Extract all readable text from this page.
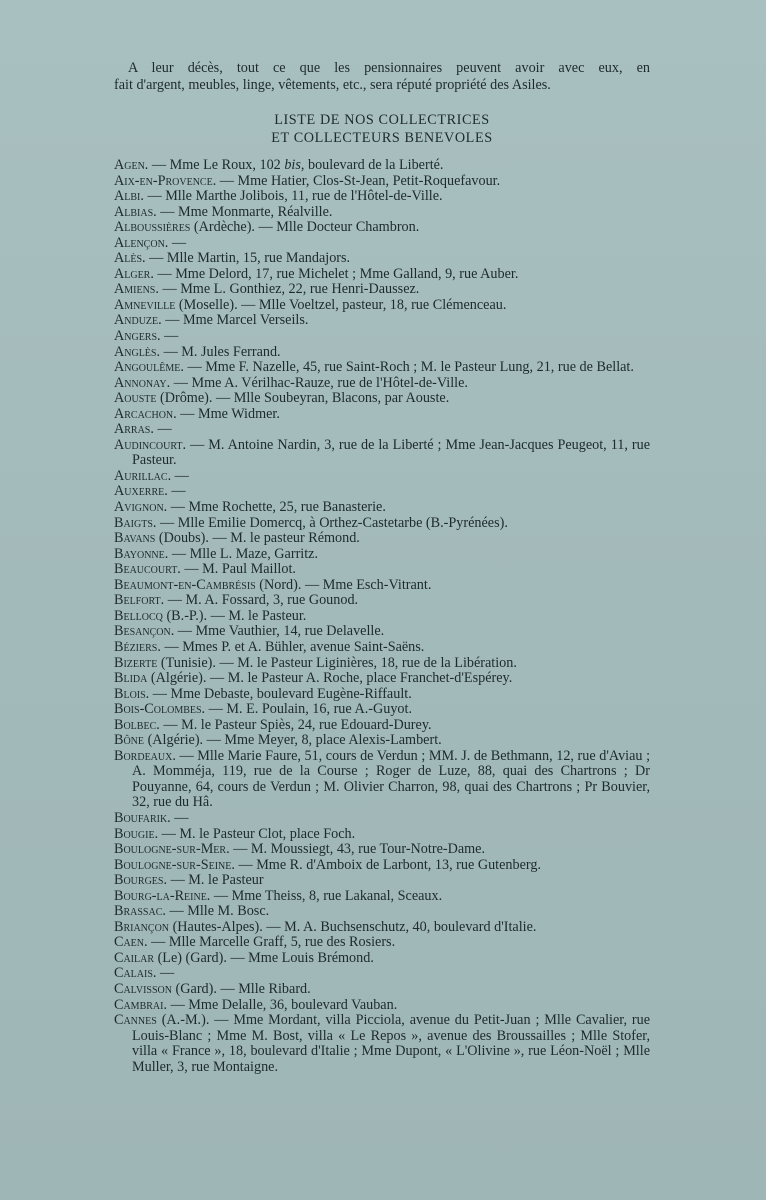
A leur décès, tout ce que les pensionnaires peuvent avoir avec eux, en
fait d'argent, meubles, linge, vêtements, etc., sera réputé propriété des Asiles.

LISTE DE NOS COLLECTRICES

ET COLLECTEURS BENEVOLES

Agen. — Mme Le Roux, 102 bis, boulevard de la Liberté.

Aix-en-Provence. — Mme Hatier, Clos-St-Jean, Petit-Roquefavour.

Albi. — Mlle Marthe Jolibois, 11, rue de l'Hôtel-de-Ville.

Albias. — Mme Monmarte, Réalville.

Alboussières (Ardèche). — Mlle Docteur Chambron.

Alençon. —

Alès. — Mlle Martin, 15, rue Mandajors.

Alger. — Mme Delord, 17, rue Michelet ; Mme Galland, 9, rue Auber.

Amiens. — Mme L. Gonthiez, 22, rue Henri-Daussez.

Amneville (Moselle). — Mlle Voeltzel, pasteur, 18, rue Clémenceau.

Anduze. — Mme Marcel Verseils.

Angers. —

Anglès. — M. Jules Ferrand.

Angoulême. — Mme F. Nazelle, 45, rue Saint-Roch ; M. le Pasteur Lung, 21, rue de Bellat.

Annonay. — Mme A. Vérilhac-Rauze, rue de l'Hôtel-de-Ville.

Aouste (Drôme). — Mlle Soubeyran, Blacons, par Aouste.

Arcachon. — Mme Widmer.

Arras. —

Audincourt. — M. Antoine Nardin, 3, rue de la Liberté ; Mme Jean-Jacques Peugeot, 11, rue Pasteur.

Aurillac. —

Auxerre. —

Avignon. — Mme Rochette, 25, rue Banasterie.

Baigts. — Mlle Emilie Domercq, à Orthez-Castetarbe (B.-Pyrénées).

Bavans (Doubs). — M. le pasteur Rémond.

Bayonne. — Mlle L. Maze, Garritz.

Beaucourt. — M. Paul Maillot.

Beaumont-en-Cambrésis (Nord). — Mme Esch-Vitrant.

Belfort. — M. A. Fossard, 3, rue Gounod.

Bellocq (B.-P.). — M. le Pasteur.

Besançon. — Mme Vauthier, 14, rue Delavelle.

Béziers. — Mmes P. et A. Bühler, avenue Saint-Saëns.

Bizerte (Tunisie). — M. le Pasteur Liginières, 18, rue de la Libération.

Blida (Algérie). — M. le Pasteur A. Roche, place Franchet-d'Espérey.

Blois. — Mme Debaste, boulevard Eugène-Riffault.

Bois-Colombes. — M. E. Poulain, 16, rue A.-Guyot.

Bolbec. — M. le Pasteur Spiès, 24, rue Edouard-Durey.

Bône (Algérie). — Mme Meyer, 8, place Alexis-Lambert.

Bordeaux. — Mlle Marie Faure, 51, cours de Verdun ; MM. J. de Bethmann, 12, rue d'Aviau ; A. Momméja, 119, rue de la Course ; Roger de Luze, 88, quai des Chartrons ; Dr Pouyanne, 64, cours de Verdun ; M. Olivier Charron, 98, quai des Chartrons ; Pr Bouvier, 32, rue du Hâ.

Boufarik. —

Bougie. — M. le Pasteur Clot, place Foch.

Boulogne-sur-Mer. — M. Moussiegt, 43, rue Tour-Notre-Dame.

Boulogne-sur-Seine. — Mme R. d'Amboix de Larbont, 13, rue Gutenberg.

Bourges. — M. le Pasteur

Bourg-la-Reine. — Mme Theiss, 8, rue Lakanal, Sceaux.

Brassac. — Mlle M. Bosc.

Briançon (Hautes-Alpes). — M. A. Buchsenschutz, 40, boulevard d'Italie.

Caen. — Mlle Marcelle Graff, 5, rue des Rosiers.

Cailar (Le) (Gard). — Mme Louis Brémond.

Calais. —

Calvisson (Gard). — Mlle Ribard.

Cambrai. — Mme Delalle, 36, boulevard Vauban.

Cannes (A.-M.). — Mme Mordant, villa Picciola, avenue du Petit-Juan ; Mlle Cavalier, rue Louis-Blanc ; Mme M. Bost, villa « Le Repos », avenue des Broussailles ; Mlle Stofer, villa « France », 18, boulevard d'Italie ; Mme Dupont, « L'Olivine », rue Léon-Noël ; Mlle Muller, 3, rue Montaigne.
